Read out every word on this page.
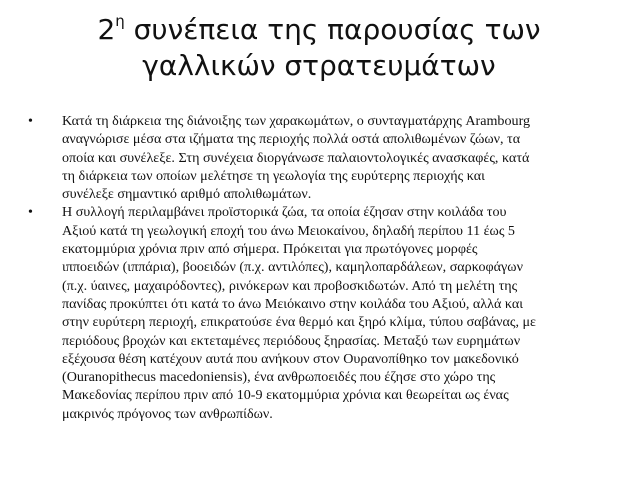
$2^\eta$ συνέπεια της παρουσίας των
γαλλικών στρατευμάτων
•	Κατά τη διάρκεια της διάνοιξης των χαρακωμάτων, ο συνταγματάρχης Arambourg
αναγνώρισε μέσα στα ιζήματα της περιοχής πολλά οστά απολιθωμένων ζώων, τα
οποία και συνέλεξε. Στη συνέχεια διοργάνωσε παλαιοντολογικές ανασκαφές, κατά
τη διάρκεια των οποίων μελέτησε τη γεωλογία της ευρύτερης περιοχής και
συνέλεξε σημαντικό αριθμό απολιθωμάτων.
•	Η συλλογή περιλαμβάνει προϊστορικά ζώα, τα οποία έζησαν στην κοιλάδα του
Αξιού κατά τη γεωλογική εποχή του άνω Μειοκαίνου, δηλαδή περίπου 11 έως 5
εκατομμύρια χρόνια πριν από σήμερα. Πρόκειται για πρωτόγονες μορφές
ιπποειδών (ιππάρια), βοοειδών (π.χ. αντιλόπες), καμηλοπαρδάλεων, σαρκοφάγων
(π.χ. ύαινες, μαχαιρόδοντες), ρινόκερων και προβοσκιδωτών. Από τη μελέτη της
πανίδας προκύπτει ότι κατά το άνω Μειόκαινο στην κοιλάδα του Αξιού, αλλά και
στην ευρύτερη περιοχή, επικρατούσε ένα θερμό και ξηρό κλίμα, τύπου σαβάνας, με
περιόδους βροχών και εκτεταμένες περιόδους ξηρασίας. Μεταξύ των ευρημάτων
εξέχουσα θέση κατέχουν αυτά που ανήκουν στον Ουρανοπίθηκο τον μακεδονικό
(Ouranopithecus macedoniensis), ένα ανθρωποειδές που έζησε στο χώρο της
Μακεδονίας περίπου πριν από 10-9 εκατομμύρια χρόνια και θεωρείται ως ένας
μακρινός πρόγονος των ανθρωπίδων.
